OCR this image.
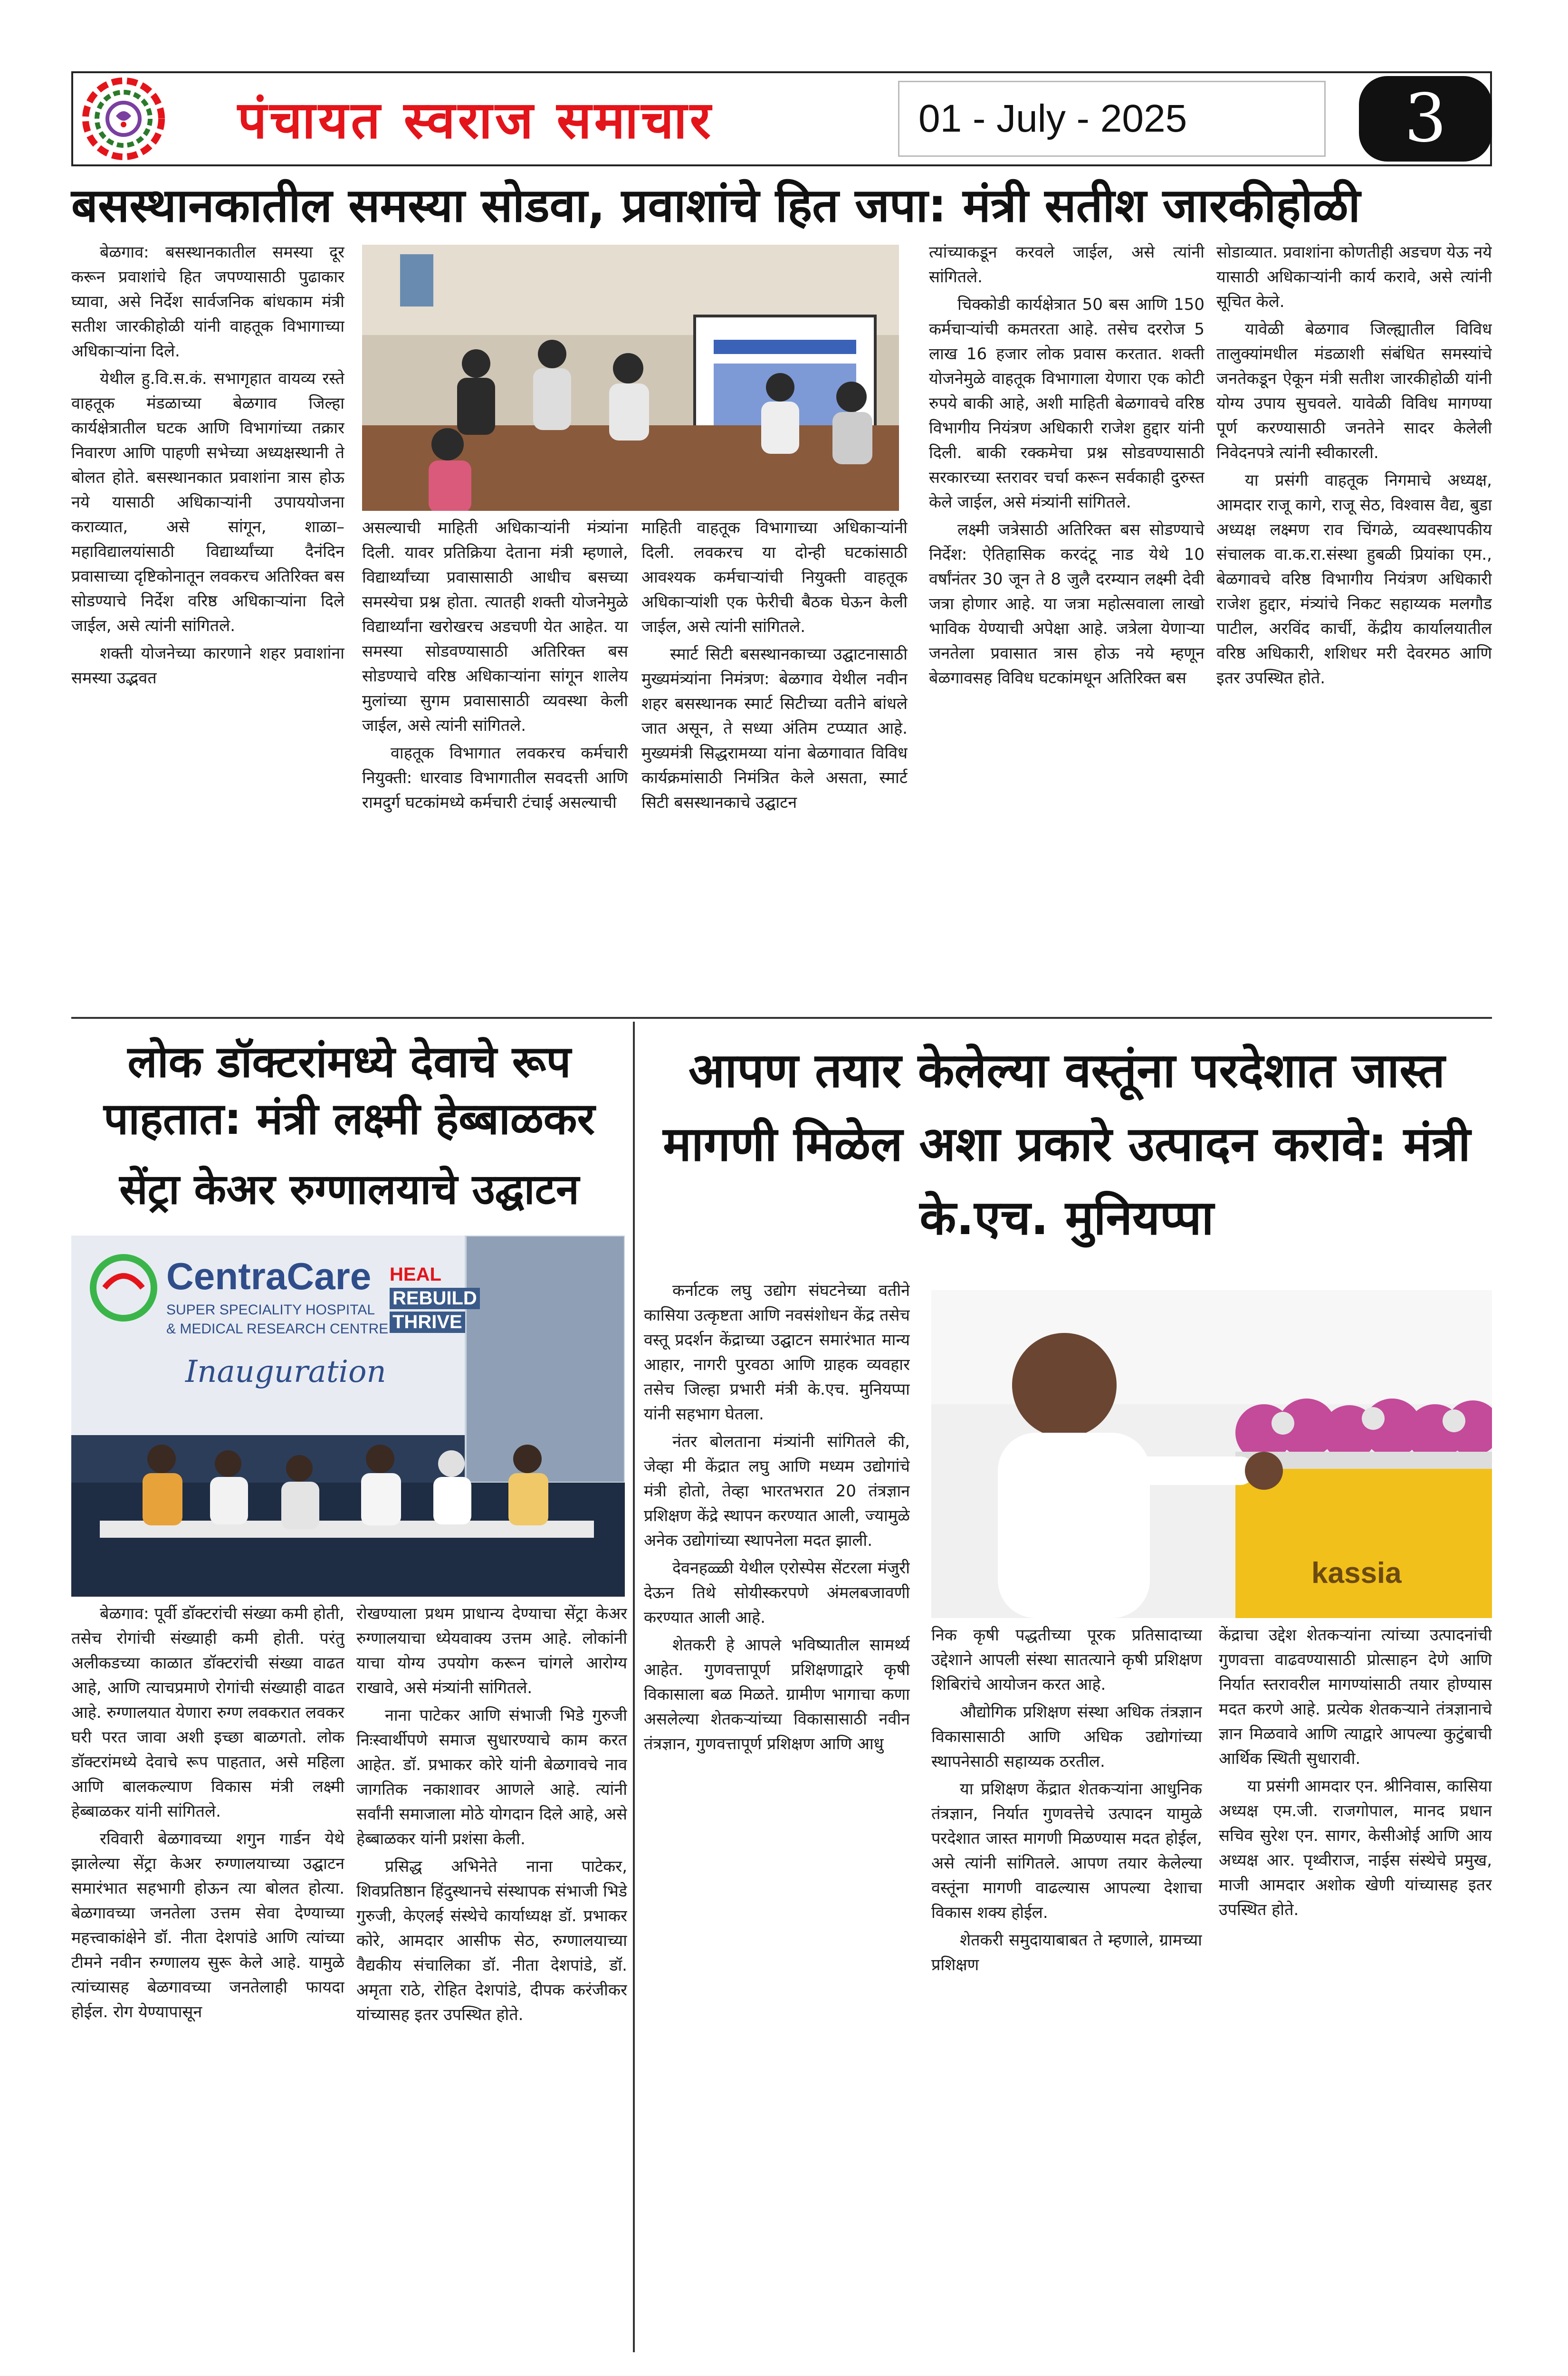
पंचायत स्वराज समाचार	01 - July - 2025	3
बसस्थानकातील समस्या सोडवा, प्रवाशांचे हित जपा: मंत्री सतीश जारकीहोळी

बेळगाव: बसस्थानकातील समस्या दूर करून प्रवाशांचे हित जपण्यासाठी पुढाकार घ्यावा, असे निर्देश सार्वजनिक बांधकाम मंत्री सतीश जारकीहोळी यांनी वाहतूक विभागाच्या अधिकाऱ्यांना दिले.

येथील हु.वि.स.कं. सभागृहात वायव्य रस्ते वाहतूक मंडळाच्या बेळगाव जिल्हा कार्यक्षेत्रातील घटक आणि विभागांच्या तक्रार निवारण आणि पाहणी सभेच्या अध्यक्षस्थानी ते बोलत होते. बसस्थानकात प्रवाशांना त्रास होऊ नये यासाठी अधिकाऱ्यांनी उपाययोजना कराव्यात, असे सांगून, शाळा–महाविद्यालयांसाठी विद्यार्थ्यांच्या दैनंदिन प्रवासाच्या दृष्टिकोनातून लवकरच अतिरिक्त बस सोडण्याचे निर्देश वरिष्ठ अधिकाऱ्यांना दिले जाईल, असे त्यांनी सांगितले.

शक्ती योजनेच्या कारणाने शहर प्रवाशांना समस्या उद्भवत

असल्याची माहिती अधिकाऱ्यांनी मंत्र्यांना दिली. यावर प्रतिक्रिया देताना मंत्री म्हणाले, विद्यार्थ्यांच्या प्रवासासाठी आधीच बसच्या समस्येचा प्रश्न होता. त्यातही शक्ती योजनेमुळे विद्यार्थ्यांना खरोखरच अडचणी येत आहेत. या समस्या सोडवण्यासाठी अतिरिक्त बस सोडण्याचे वरिष्ठ अधिकाऱ्यांना सांगून शालेय मुलांच्या सुगम प्रवासासाठी व्यवस्था केली जाईल, असे त्यांनी सांगितले.

वाहतूक विभागात लवकरच कर्मचारी नियुक्ती: धारवाड विभागातील सवदत्ती आणि रामदुर्ग घटकांमध्ये कर्मचारी टंचाई असल्याची

माहिती वाहतूक विभागाच्या अधिकाऱ्यांनी दिली. लवकरच या दोन्ही घटकांसाठी आवश्यक कर्मचाऱ्यांची नियुक्ती वाहतूक अधिकाऱ्यांशी एक फेरीची बैठक घेऊन केली जाईल, असे त्यांनी सांगितले.

स्मार्ट सिटी बसस्थानकाच्या उद्घाटनासाठी मुख्यमंत्र्यांना निमंत्रण: बेळगाव येथील नवीन शहर बसस्थानक स्मार्ट सिटीच्या वतीने बांधले जात असून, ते सध्या अंतिम टप्प्यात आहे. मुख्यमंत्री सिद्धरामय्या यांना बेळगावात विविध कार्यक्रमांसाठी निमंत्रित केले असता, स्मार्ट सिटी बसस्थानकाचे उद्घाटन

त्यांच्याकडून करवले जाईल, असे त्यांनी सांगितले.

चिक्कोडी कार्यक्षेत्रात 50 बस आणि 150 कर्मचाऱ्यांची कमतरता आहे. तसेच दररोज 5 लाख 16 हजार लोक प्रवास करतात. शक्ती योजनेमुळे वाहतूक विभागाला येणारा एक कोटी रुपये बाकी आहे, अशी माहिती बेळगावचे वरिष्ठ विभागीय नियंत्रण अधिकारी राजेश हुद्दार यांनी दिली. बाकी रक्कमेचा प्रश्न सोडवण्यासाठी सरकारच्या स्तरावर चर्चा करून सर्वकाही दुरुस्त केले जाईल, असे मंत्र्यांनी सांगितले.

लक्ष्मी जत्रेसाठी अतिरिक्त बस सोडण्याचे निर्देश: ऐतिहासिक करदंटू नाड येथे 10 वर्षांनंतर 30 जून ते 8 जुलै दरम्यान लक्ष्मी देवी जत्रा होणार आहे. या जत्रा महोत्सवाला लाखो भाविक येण्याची अपेक्षा आहे. जत्रेला येणाऱ्या जनतेला प्रवासात त्रास होऊ नये म्हणून बेळगावसह विविध घटकांमधून अतिरिक्त बस

सोडाव्यात. प्रवाशांना कोणतीही अडचण येऊ नये यासाठी अधिकाऱ्यांनी कार्य करावे, असे त्यांनी सूचित केले.

यावेळी बेळगाव जिल्ह्यातील विविध तालुक्यांमधील मंडळाशी संबंधित समस्यांचे जनतेकडून ऐकून मंत्री सतीश जारकीहोळी यांनी योग्य उपाय सुचवले. यावेळी विविध मागण्या पूर्ण करण्यासाठी जनतेने सादर केलेली निवेदनपत्रे त्यांनी स्वीकारली.

या प्रसंगी वाहतूक निगमाचे अध्यक्ष, आमदार राजू कागे, राजू सेठ, विश्वास वैद्य, बुडा अध्यक्ष लक्ष्मण राव चिंगळे, व्यवस्थापकीय संचालक वा.क.रा.संस्था हुबळी प्रियांका एम., बेळगावचे वरिष्ठ विभागीय नियंत्रण अधिकारी राजेश हुद्दार, मंत्र्यांचे निकट सहाय्यक मलगौड पाटील, अरविंद कार्ची, केंद्रीय कार्यालयातील वरिष्ठ अधिकारी, शशिधर मरी देवरमठ आणि इतर उपस्थित होते.

लोक डॉक्टरांमध्ये देवाचे रूप पाहतात: मंत्री लक्ष्मी हेब्बाळकर
सेंट्रा केअर रुग्णालयाचे उद्घाटन
CentraCare
SUPER SPECIALITY HOSPITAL
& MEDICAL RESEARCH CENTRE
HEAL
REBUILD
THRIVE
Inauguration

बेळगाव: पूर्वी डॉक्टरांची संख्या कमी होती, तसेच रोगांची संख्याही कमी होती. परंतु अलीकडच्या काळात डॉक्टरांची संख्या वाढत आहे, आणि त्याचप्रमाणे रोगांची संख्याही वाढत आहे. रुग्णालयात येणारा रुग्ण लवकरात लवकर घरी परत जावा अशी इच्छा बाळगतो. लोक डॉक्टरांमध्ये देवाचे रूप पाहतात, असे महिला आणि बालकल्याण विकास मंत्री लक्ष्मी हेब्बाळकर यांनी सांगितले.

रविवारी बेळगावच्या शगुन गार्डन येथे झालेल्या सेंट्रा केअर रुग्णालयाच्या उद्घाटन समारंभात सहभागी होऊन त्या बोलत होत्या. बेळगावच्या जनतेला उत्तम सेवा देण्याच्या महत्त्वाकांक्षेने डॉ. नीता देशपांडे आणि त्यांच्या टीमने नवीन रुग्णालय सुरू केले आहे. यामुळे त्यांच्यासह बेळगावच्या जनतेलाही फायदा होईल. रोग येण्यापासून

रोखण्याला प्रथम प्राधान्य देण्याचा सेंट्रा केअर रुग्णालयाचा ध्येयवाक्य उत्तम आहे. लोकांनी याचा योग्य उपयोग करून चांगले आरोग्य राखावे, असे मंत्र्यांनी सांगितले.

नाना पाटेकर आणि संभाजी भिडे गुरुजी निःस्वार्थीपणे समाज सुधारण्याचे काम करत आहेत. डॉ. प्रभाकर कोरे यांनी बेळगावचे नाव जागतिक नकाशावर आणले आहे. त्यांनी सर्वांनी समाजाला मोठे योगदान दिले आहे, असे हेब्बाळकर यांनी प्रशंसा केली.

प्रसिद्ध अभिनेते नाना पाटेकर, शिवप्रतिष्ठान हिंदुस्थानचे संस्थापक संभाजी भिडे गुरुजी, केएलई संस्थेचे कार्याध्यक्ष डॉ. प्रभाकर कोरे, आमदार आसीफ सेठ, रुग्णालयाच्या वैद्यकीय संचालिका डॉ. नीता देशपांडे, डॉ. अमृता राठे, रोहित देशपांडे, दीपक करंजीकर यांच्यासह इतर उपस्थित होते.

आपण तयार केलेल्या वस्तूंना परदेशात जास्त मागणी मिळेल अशा प्रकारे उत्पादन करावे: मंत्री के.एच. मुनियप्पा

कर्नाटक लघु उद्योग संघटनेच्या वतीने कासिया उत्कृष्टता आणि नवसंशोधन केंद्र तसेच वस्तू प्रदर्शन केंद्राच्या उद्घाटन समारंभात मान्य आहार, नागरी पुरवठा आणि ग्राहक व्यवहार तसेच जिल्हा प्रभारी मंत्री के.एच. मुनियप्पा यांनी सहभाग घेतला.

नंतर बोलताना मंत्र्यांनी सांगितले की, जेव्हा मी केंद्रात लघु आणि मध्यम उद्योगांचे मंत्री होतो, तेव्हा भारतभरात 20 तंत्रज्ञान प्रशिक्षण केंद्रे स्थापन करण्यात आली, ज्यामुळे अनेक उद्योगांच्या स्थापनेला मदत झाली.

देवनहळ्ळी येथील एरोस्पेस सेंटरला मंजुरी देऊन तिथे सोयीस्करपणे अंमलबजावणी करण्यात आली आहे.

शेतकरी हे आपले भविष्यातील सामर्थ्य आहेत. गुणवत्तापूर्ण प्रशिक्षणाद्वारे कृषी विकासाला बळ मिळते. ग्रामीण भागाचा कणा असलेल्या शेतकऱ्यांच्या विकासासाठी नवीन तंत्रज्ञान, गुणवत्तापूर्ण प्रशिक्षण आणि आधु

kassia

निक कृषी पद्धतीच्या पूरक प्रतिसादाच्या उद्देशाने आपली संस्था सातत्याने कृषी प्रशिक्षण शिबिरांचे आयोजन करत आहे.

औद्योगिक प्रशिक्षण संस्था अधिक तंत्रज्ञान विकासासाठी आणि अधिक उद्योगांच्या स्थापनेसाठी सहाय्यक ठरतील.

या प्रशिक्षण केंद्रात शेतकऱ्यांना आधुनिक तंत्रज्ञान, निर्यात गुणवत्तेचे उत्पादन यामुळे परदेशात जास्त मागणी मिळण्यास मदत होईल, असे त्यांनी सांगितले. आपण तयार केलेल्या वस्तूंना मागणी वाढल्यास आपल्या देशाचा विकास शक्य होईल.

शेतकरी समुदायाबाबत ते म्हणाले, ग्रामच्या प्रशिक्षण

केंद्राचा उद्देश शेतकऱ्यांना त्यांच्या उत्पादनांची गुणवत्ता वाढवण्यासाठी प्रोत्साहन देणे आणि निर्यात स्तरावरील मागण्यांसाठी तयार होण्यास मदत करणे आहे. प्रत्येक शेतकऱ्याने तंत्रज्ञानाचे ज्ञान मिळवावे आणि त्याद्वारे आपल्या कुटुंबाची आर्थिक स्थिती सुधारावी.

या प्रसंगी आमदार एन. श्रीनिवास, कासिया अध्यक्ष एम.जी. राजगोपाल, मानद प्रधान सचिव सुरेश एन. सागर, केसीओई आणि आय अध्यक्ष आर. पृथ्वीराज, नाईस संस्थेचे प्रमुख, माजी आमदार अशोक खेणी यांच्यासह इतर उपस्थित होते.
